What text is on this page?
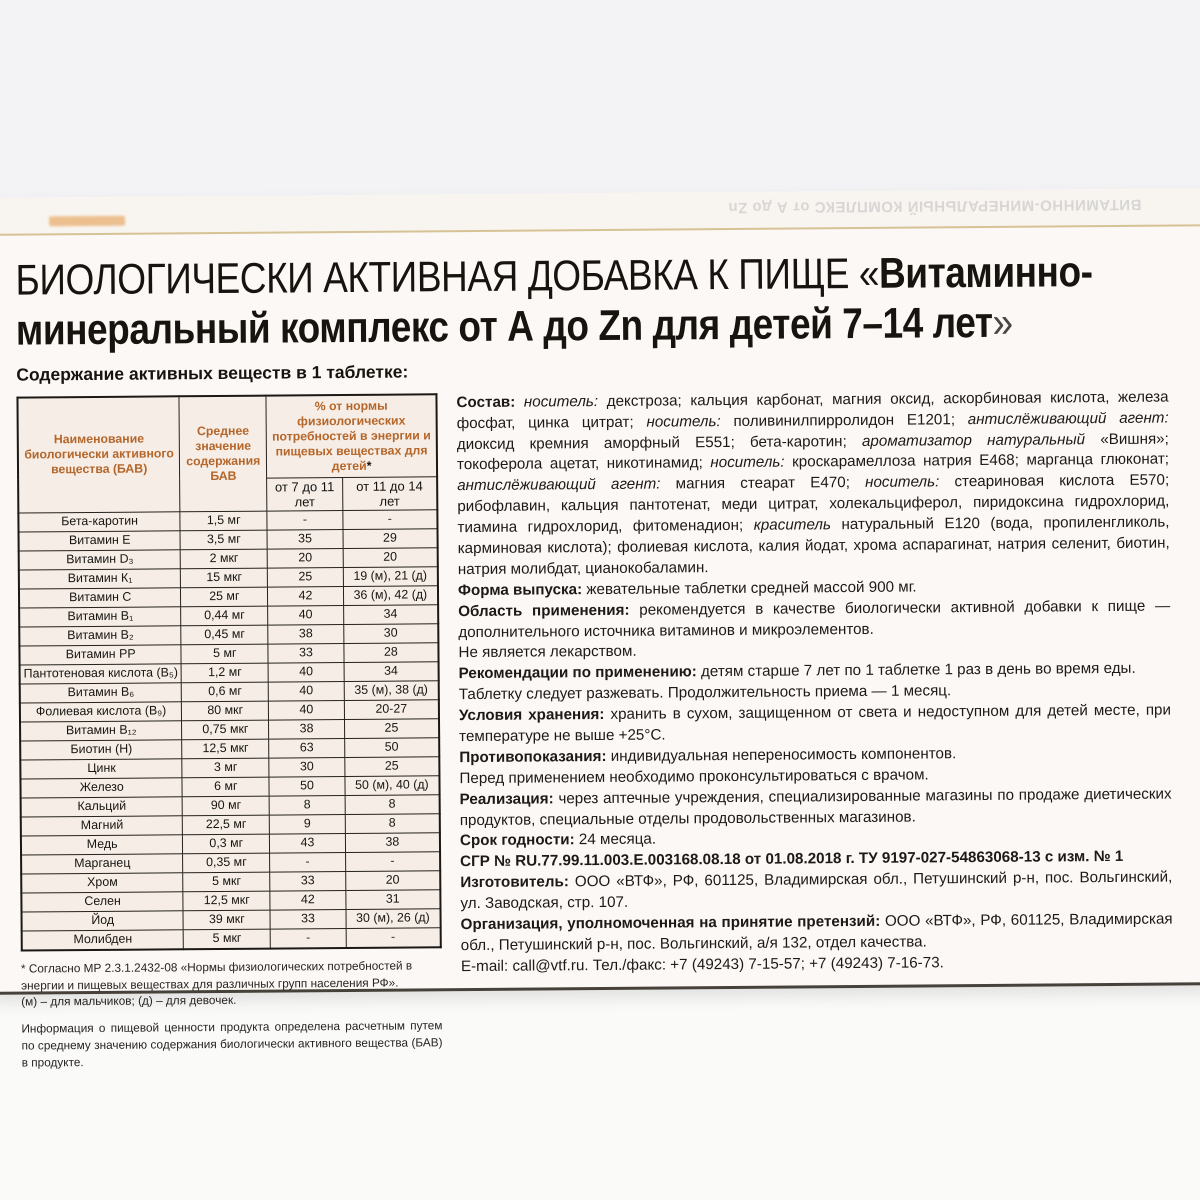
ВИТАМИННО-МИНЕРАЛЬНЫЙ КОМПЛЕКС от А до Zn
БИОЛОГИЧЕСКИ АКТИВНАЯ ДОБАВКА К ПИЩЕ «Витаминно-
минеральный комплекс от А до Zn для детей 7–14 лет»
Содержание активных веществ в 1 таблетке:
Наименование биологически активного вещества (БАВ)	Среднее значение содержания БАВ	% от нормы физиологических потребностей в энергии и пищевых веществах для детей*	
		от 7 до 11 лет	от 11 до 14 лет
Бета-каротин	1,5 мг	-	-
Витамин Е	3,5 мг	35	29
Витамин D₃	2 мкг	20	20
Витамин К₁	15 мкг	25	19 (м), 21 (д)
Витамин С	25 мг	42	36 (м), 42 (д)
Витамин В₁	0,44 мг	40	34
Витамин В₂	0,45 мг	38	30
Витамин РР	5 мг	33	28
Пантотеновая кислота (В₅)	1,2 мг	40	34
Витамин В₆	0,6 мг	40	35 (м), 38 (д)
Фолиевая кислота (В₉)	80 мкг	40	20-27
Витамин В₁₂	0,75 мкг	38	25
Биотин (Н)	12,5 мкг	63	50
Цинк	3 мг	30	25
Железо	6 мг	50	50 (м), 40 (д)
Кальций	90 мг	8	8
Магний	22,5 мг	9	8
Медь	0,3 мг	43	38
Марганец	0,35 мг	-	-
Хром	5 мкг	33	20
Селен	12,5 мкг	42	31
Йод	39 мкг	33	30 (м), 26 (д)
Молибден	5 мкг	-	-

* Согласно МР 2.3.1.2432-08 «Нормы физиологических потребностей в энергии и пищевых веществах для различных групп населения РФ».

(м) – для мальчиков; (д) – для девочек.

Информация о пищевой ценности продукта определена расчетным путем по среднему значению содержания биологически активного вещества (БАВ) в продукте.

Состав: носитель: декстроза; кальция карбонат, магния оксид, аскорбиновая кислота, железа фосфат, цинка цитрат; носитель: поливинилпирролидон Е1201; антислёживающий агент: диоксид кремния аморфный Е551; бета-каротин; ароматизатор натуральный «Вишня»; токоферола ацетат, никотинамид; носитель: кроскарамеллоза натрия Е468; марганца глюконат; антислёживающий агент: магния стеарат Е470; носитель: стеариновая кислота Е570; рибофлавин, кальция пантотенат, меди цитрат, холекальциферол, пиридоксина гидрохлорид, тиамина гидрохлорид, фитоменадион; краситель натуральный Е120 (вода, пропиленгликоль, карминовая кислота); фолиевая кислота, калия йодат, хрома аспарагинат, натрия селенит, биотин, натрия молибдат, цианокобаламин.

Форма выпуска: жевательные таблетки средней массой 900 мг.

Область применения: рекомендуется в качестве биологически активной добавки к пище — дополнительного источника витаминов и микроэлементов.

Не является лекарством.

Рекомендации по применению: детям старше 7 лет по 1 таблетке 1 раз в день во время еды.

Таблетку следует разжевать. Продолжительность приема — 1 месяц.

Условия хранения: хранить в сухом, защищенном от света и недоступном для детей месте, при температуре не выше +25°С.

Противопоказания: индивидуальная непереносимость компонентов.

Перед применением необходимо проконсультироваться с врачом.

Реализация: через аптечные учреждения, специализированные магазины по продаже диетических продуктов, специальные отделы продовольственных магазинов.

Срок годности: 24 месяца.

СГР № RU.77.99.11.003.Е.003168.08.18 от 01.08.2018 г. ТУ 9197-027-54863068-13 с изм. № 1

Изготовитель: ООО «ВТФ», РФ, 601125, Владимирская обл., Петушинский р-н, пос. Вольгинский, ул. Заводская, стр. 107.

Организация, уполномоченная на принятие претензий: ООО «ВТФ», РФ, 601125, Владимирская обл., Петушинский р-н, пос. Вольгинский, а/я 132, отдел качества.

E-mail: call@vtf.ru. Тел./факс: +7 (49243) 7-15-57; +7 (49243) 7-16-73.
